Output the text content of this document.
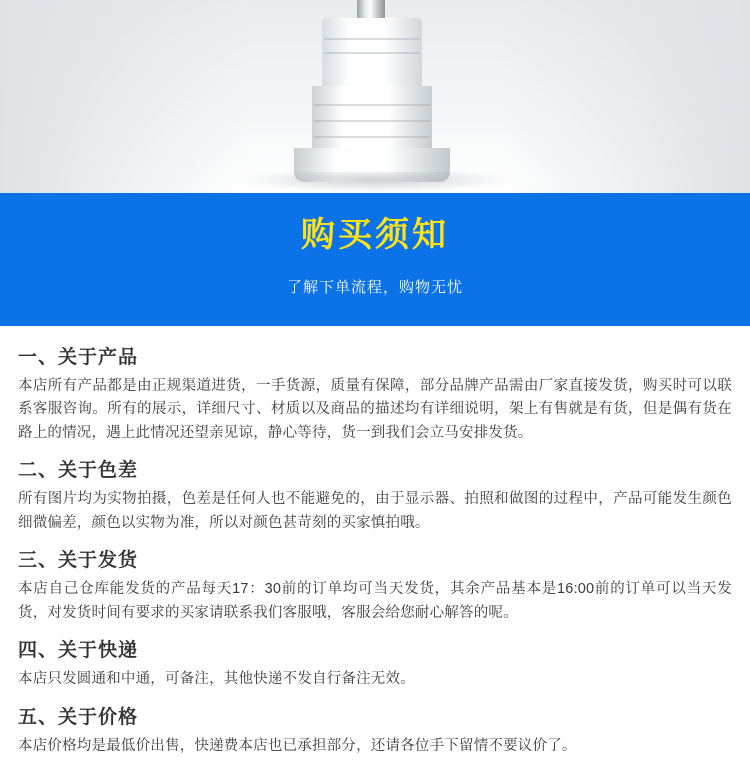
购买须知

了解下单流程，购物无忧

一、关于产品

本店所有产品都是由正规渠道进货，一手货源，质量有保障，部分品牌产品需由厂家直接发货，购买时可以联系客服咨询。所有的展示，详细尺寸、材质以及商品的描述均有详细说明，架上有售就是有货，但是偶有货在路上的情况，遇上此情况还望亲见谅，静心等待，货一到我们会立马安排发货。

二、关于色差

所有图片均为实物拍摄，色差是任何人也不能避免的，由于显示器、拍照和做图的过程中，产品可能发生颜色细微偏差，颜色以实物为准，所以对颜色甚苛刻的买家慎拍哦。

三、关于发货

本店自己仓库能发货的产品每天17：30前的订单均可当天发货，其余产品基本是16:00前的订单可以当天发货，对发货时间有要求的买家请联系我们客服哦，客服会给您耐心解答的呢。

四、关于快递

本店只发圆通和中通，可备注，其他快递不发自行备注无效。

五、关于价格

本店价格均是最低价出售，快递费本店也已承担部分，还请各位手下留情不要议价了。
